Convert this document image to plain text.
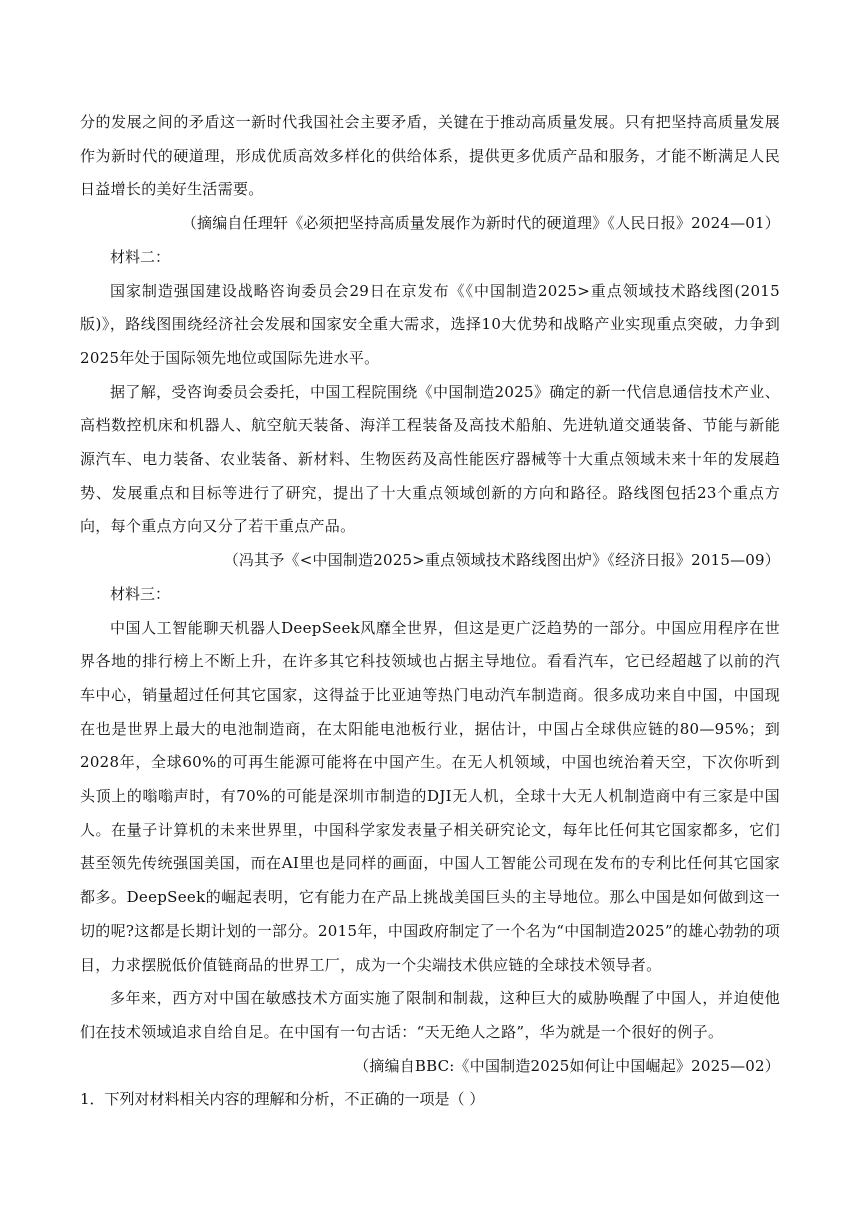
分的发展之间的矛盾这一新时代我国社会主要矛盾，关键在于推动高质量发展。只有把坚持高质量发展作为新时代的硬道理，形成优质高效多样化的供给体系，提供更多优质产品和服务，才能不断满足人民日益增长的美好生活需要。

（摘编自任理轩《必须把坚持高质量发展作为新时代的硬道理》《人民日报》2024—01）

材料二：

国家制造强国建设战略咨询委员会29日在京发布《《中国制造2025>重点领域技术路线图(2015版)》，路线图围绕经济社会发展和国家安全重大需求，选择10大优势和战略产业实现重点突破，力争到2025年处于国际领先地位或国际先进水平。

据了解，受咨询委员会委托，中国工程院围绕《中国制造2025》确定的新一代信息通信技术产业、高档数控机床和机器人、航空航天装备、海洋工程装备及高技术船舶、先进轨道交通装备、节能与新能源汽车、电力装备、农业装备、新材料、生物医药及高性能医疗器械等十大重点领域未来十年的发展趋势、发展重点和目标等进行了研究，提出了十大重点领域创新的方向和路径。路线图包括23个重点方向，每个重点方向又分了若干重点产品。

（冯其予《<中国制造2025>重点领域技术路线图出炉》《经济日报》2015—09）

材料三：

中国人工智能聊天机器人DeepSeek风靡全世界，但这是更广泛趋势的一部分。中国应用程序在世界各地的排行榜上不断上升，在许多其它科技领域也占据主导地位。看看汽车，它已经超越了以前的汽车中心，销量超过任何其它国家，这得益于比亚迪等热门电动汽车制造商。很多成功来自中国，中国现在也是世界上最大的电池制造商，在太阳能电池板行业，据估计，中国占全球供应链的80—95%；到2028年，全球60%的可再生能源可能将在中国产生。在无人机领域，中国也统治着天空，下次你听到头顶上的嗡嗡声时，有70%的可能是深圳市制造的DJI无人机，全球十大无人机制造商中有三家是中国人。在量子计算机的未来世界里，中国科学家发表量子相关研究论文，每年比任何其它国家都多，它们甚至领先传统强国美国，而在AI里也是同样的画面，中国人工智能公司现在发布的专利比任何其它国家都多。DeepSeek的崛起表明，它有能力在产品上挑战美国巨头的主导地位。那么中国是如何做到这一切的呢?这都是长期计划的一部分。2015年，中国政府制定了一个名为“中国制造2025”的雄心勃勃的项目，力求摆脱低价值链商品的世界工厂，成为一个尖端技术供应链的全球技术领导者。

多年来，西方对中国在敏感技术方面实施了限制和制裁，这种巨大的威胁唤醒了中国人，并迫使他们在技术领域追求自给自足。在中国有一句古话：“天无绝人之路”，华为就是一个很好的例子。

（摘编自BBC:《中国制造2025如何让中国崛起》2025—02）

1．下列对材料相关内容的理解和分析，不正确的一项是（ ）
